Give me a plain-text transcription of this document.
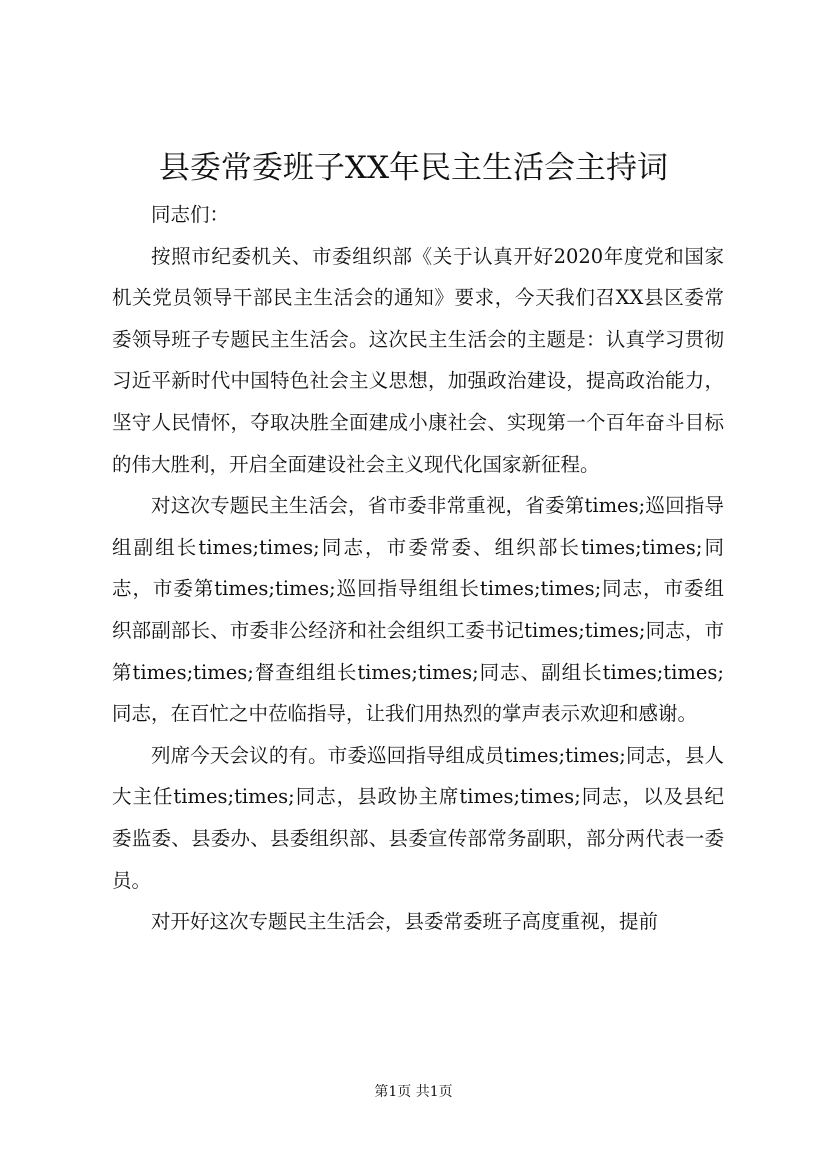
县委常委班子XX年民主生活会主持词

同志们：

按照市纪委机关、市委组织部《关于认真开好2020年度党和国家机关党员领导干部民主生活会的通知》要求，今天我们召XX县区委常委领导班子专题民主生活会。这次民主生活会的主题是：认真学习贯彻习近平新时代中国特色社会主义思想，加强政治建设，提高政治能力，坚守人民情怀，夺取决胜全面建成小康社会、实现第一个百年奋斗目标的伟大胜利，开启全面建设社会主义现代化国家新征程。

对这次专题民主生活会，省市委非常重视，省委第times;巡回指导组副组长times;times;同志，市委常委、组织部长times;times;同志，市委第times;times;巡回指导组组长times;times;同志，市委组织部副部长、市委非公经济和社会组织工委书记times;times;同志，市第times;times;督查组组长times;times;同志、副组长times;times;同志，在百忙之中莅临指导，让我们用热烈的掌声表示欢迎和感谢。

列席今天会议的有。市委巡回指导组成员times;times;同志，县人大主任times;times;同志，县政协主席times;times;同志，以及县纪委监委、县委办、县委组织部、县委宣传部常务副职，部分两代表一委员。

对开好这次专题民主生活会，县委常委班子高度重视，提前

第1页 共1页
